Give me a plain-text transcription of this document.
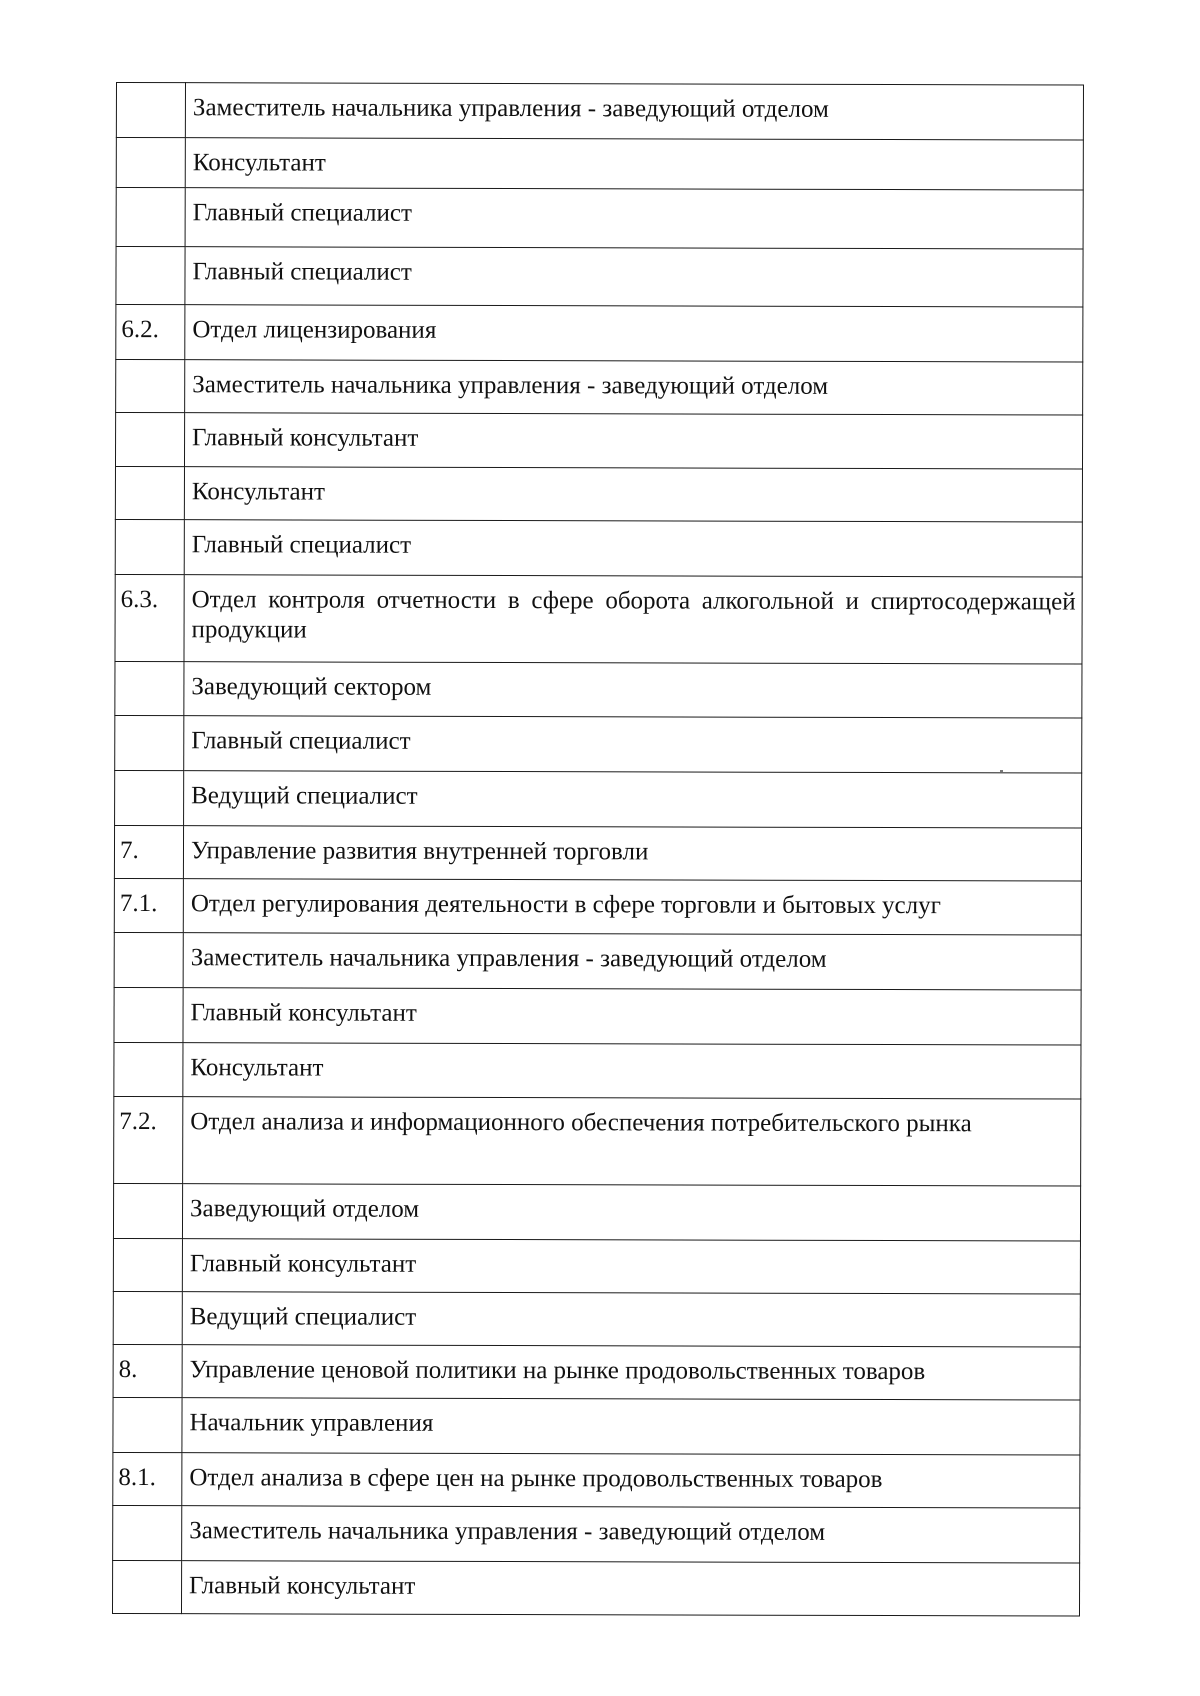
	Заместитель начальника управления - заведующий отделом
	Консультант
	Главный специалист
	Главный специалист
6.2.	Отдел лицензирования
	Заместитель начальника управления - заведующий отделом
	Главный консультант
	Консультант
	Главный специалист
6.3.	Отдел контроля отчетности в сфере оборота алкогольной и спиртосодержащей продукции
	Заведующий сектором
	Главный специалист
	Ведущий специалист
7.	Управление развития внутренней торговли
7.1.	Отдел регулирования деятельности в сфере торговли и бытовых услуг
	Заместитель начальника управления - заведующий отделом
	Главный консультант
	Консультант
7.2.	Отдел анализа и информационного обеспечения потребительского рынка
	Заведующий отделом
	Главный консультант
	Ведущий специалист
8.	Управление ценовой политики на рынке продовольственных товаров
	Начальник управления
8.1.	Отдел анализа в сфере цен на рынке продовольственных товаров
	Заместитель начальника управления - заведующий отделом
	Главный консультант
